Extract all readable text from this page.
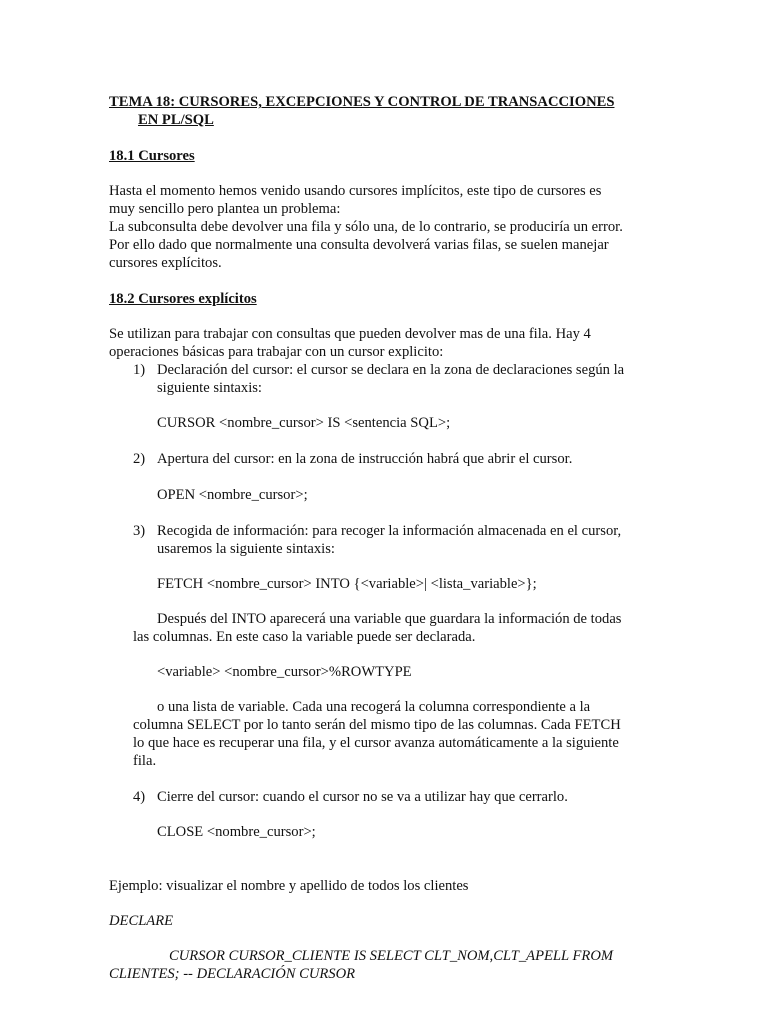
TEMA 18: CURSORES, EXCEPCIONES Y CONTROL DE TRANSACCIONES
EN PL/SQL
18.1 Cursores
Hasta el momento hemos venido usando cursores implícitos, este tipo de cursores es
muy sencillo pero plantea un problema:
La subconsulta debe devolver una fila y sólo una, de lo contrario, se produciría un error.
Por ello dado que normalmente una consulta devolverá varias filas, se suelen manejar
cursores explícitos.
18.2 Cursores explícitos
Se utilizan para trabajar con consultas que pueden devolver mas de una fila. Hay 4
operaciones básicas para trabajar con un cursor explicito:
1) Declaración del cursor: el cursor se declara en la zona de declaraciones según la
siguiente sintaxis:
CURSOR <nombre_cursor> IS <sentencia SQL>;
2) Apertura del cursor: en la zona de instrucción habrá que abrir el cursor.
OPEN <nombre_cursor>;
3) Recogida de información: para recoger la información almacenada en el cursor,
usaremos la siguiente sintaxis:
FETCH <nombre_cursor> INTO {<variable>| <lista_variable>};
Después del INTO aparecerá una variable que guardara la información de todas
las columnas. En este caso la variable puede ser declarada.
<variable> <nombre_cursor>%ROWTYPE
o una lista de variable. Cada una recogerá la columna correspondiente a la
columna SELECT por lo tanto serán del mismo tipo de las columnas. Cada FETCH
lo que hace es recuperar una fila, y el cursor avanza automáticamente a la siguiente
fila.
4) Cierre del cursor: cuando el cursor no se va a utilizar hay que cerrarlo.
CLOSE <nombre_cursor>;
Ejemplo: visualizar el nombre y apellido de todos los clientes
DECLARE
CURSOR CURSOR_CLIENTE IS SELECT CLT_NOM,CLT_APELL FROM
CLIENTES; -- DECLARACIÓN CURSOR
